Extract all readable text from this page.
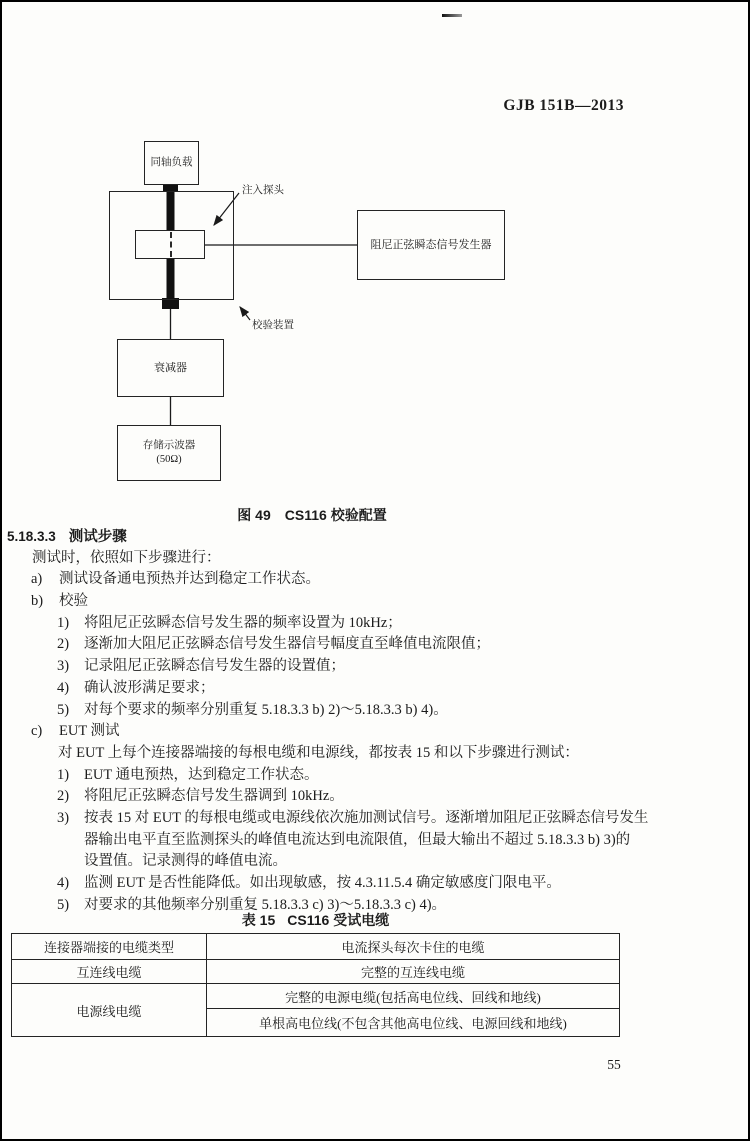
GJB 151B—2013
同轴负载
阻尼正弦瞬态信号发生器
注入探头
校验装置
衰减器
存储示波器
(50Ω)
图 49 CS116 校验配置
5.18.3.3 测试步骤
测试时，依照如下步骤进行：
a) 测试设备通电预热并达到稳定工作状态。
b) 校验
1) 将阻尼正弦瞬态信号发生器的频率设置为 10kHz；
2) 逐渐加大阻尼正弦瞬态信号发生器信号幅度直至峰值电流限值；
3) 记录阻尼正弦瞬态信号发生器的设置值；
4) 确认波形满足要求；
5) 对每个要求的频率分别重复 5.18.3.3 b) 2)～5.18.3.3 b) 4)。
c) EUT 测试
对 EUT 上每个连接器端接的每根电缆和电源线，都按表 15 和以下步骤进行测试：
1) EUT 通电预热，达到稳定工作状态。
2) 将阻尼正弦瞬态信号发生器调到 10kHz。
3) 按表 15 对 EUT 的每根电缆或电源线依次施加测试信号。逐渐增加阻尼正弦瞬态信号发生
器输出电平直至监测探头的峰值电流达到电流限值，但最大输出不超过 5.18.3.3 b) 3)的
设置值。记录测得的峰值电流。
4) 监测 EUT 是否性能降低。如出现敏感，按 4.3.11.5.4 确定敏感度门限电平。
5) 对要求的其他频率分别重复 5.18.3.3 c) 3)～5.18.3.3 c) 4)。
表 15 CS116 受试电缆
连接器端接的电缆类型	电流探头每次卡住的电缆
互连线电缆	完整的互连线电缆
电源线电缆	完整的电源电缆(包括高电位线、回线和地线)
	单根高电位线(不包含其他高电位线、电源回线和地线)
55
